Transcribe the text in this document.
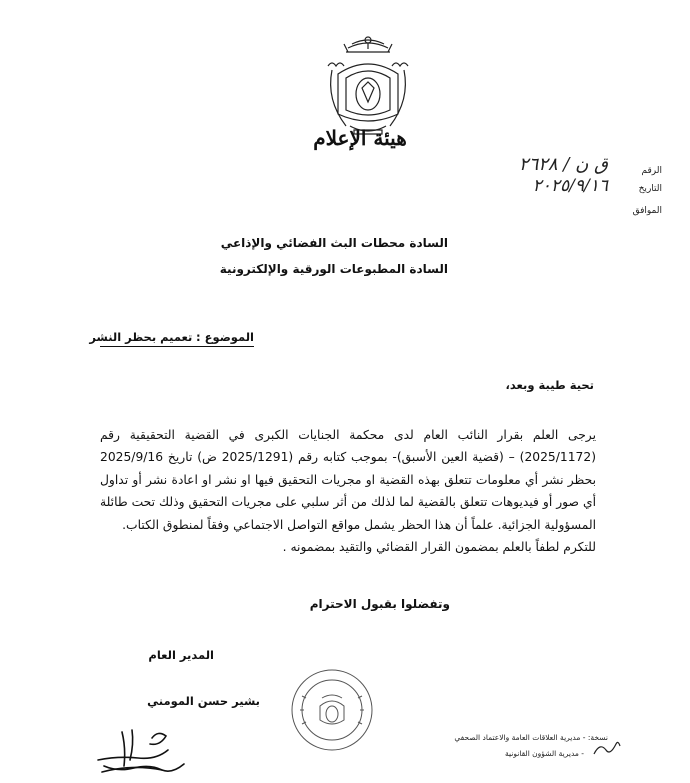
هيئة الإعلام
الرقم
ق ن / ٢٦٢٨
التاريخ
٢٠٢٥/٩/١٦
الموافق
السادة محطات البث الفضائي والإذاعي
السادة المطبوعات الورقية والإلكترونية
الموضوع : تعميم بحظر النشر
تحية طيبة وبعد،

يرجى العلم بقرار النائب العام لدى محكمة الجنايات الكبرى في القضية التحقيقية رقم (2025/1172) – (قضية العين الأسبق)- بموجب كتابه رقم (2025/1291 ض) تاريخ 2025/9/16 بحظر نشر أي معلومات تتعلق بهذه القضية او مجريات التحقيق فيها او نشر او اعادة نشر أو تداول أي صور أو فيديوهات تتعلق بالقضية لما لذلك من أثر سلبي على مجريات التحقيق وذلك تحت طائلة المسؤولية الجزائية. علماً أن هذا الحظر يشمل مواقع التواصل الاجتماعي وفقاً لمنطوق الكتاب.

للتكرم لطفاً بالعلم بمضمون القرار القضائي والتقيد بمضمونه .

وتفضلوا بقبول الاحترام
المدير العام
بشير حسن المومني
نسخة: - مديرية العلاقات العامة والاعتماد الصحفي
- مديرية الشؤون القانونية
